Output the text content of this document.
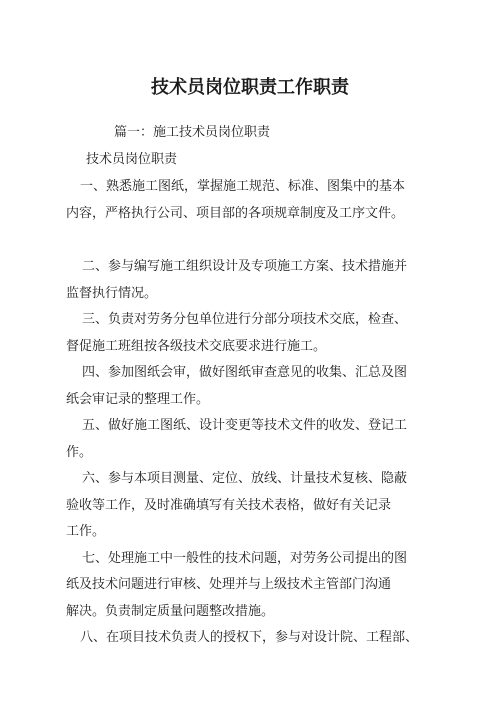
技术员岗位职责工作职责

篇一：施工技术员岗位职责

技术员岗位职责

一、熟悉施工图纸，掌握施工规范、标准、图集中的基本

内容，严格执行公司、项目部的各项规章制度及工序文件。

二、参与编写施工组织设计及专项施工方案、技术措施并

监督执行情况。

三、负责对劳务分包单位进行分部分项技术交底，检查、

督促施工班组按各级技术交底要求进行施工。

四、参加图纸会审，做好图纸审查意见的收集、汇总及图

纸会审记录的整理工作。

五、做好施工图纸、设计变更等技术文件的收发、登记工

作。

六、参与本项目测量、定位、放线、计量技术复核、隐蔽

验收等工作，及时准确填写有关技术表格，做好有关记录

工作。

七、处理施工中一般性的技术问题，对劳务公司提出的图

纸及技术问题进行审核、处理并与上级技术主管部门沟通

解决。负责制定质量问题整改措施。

八、在项目技术负责人的授权下，参与对设计院、工程部、
